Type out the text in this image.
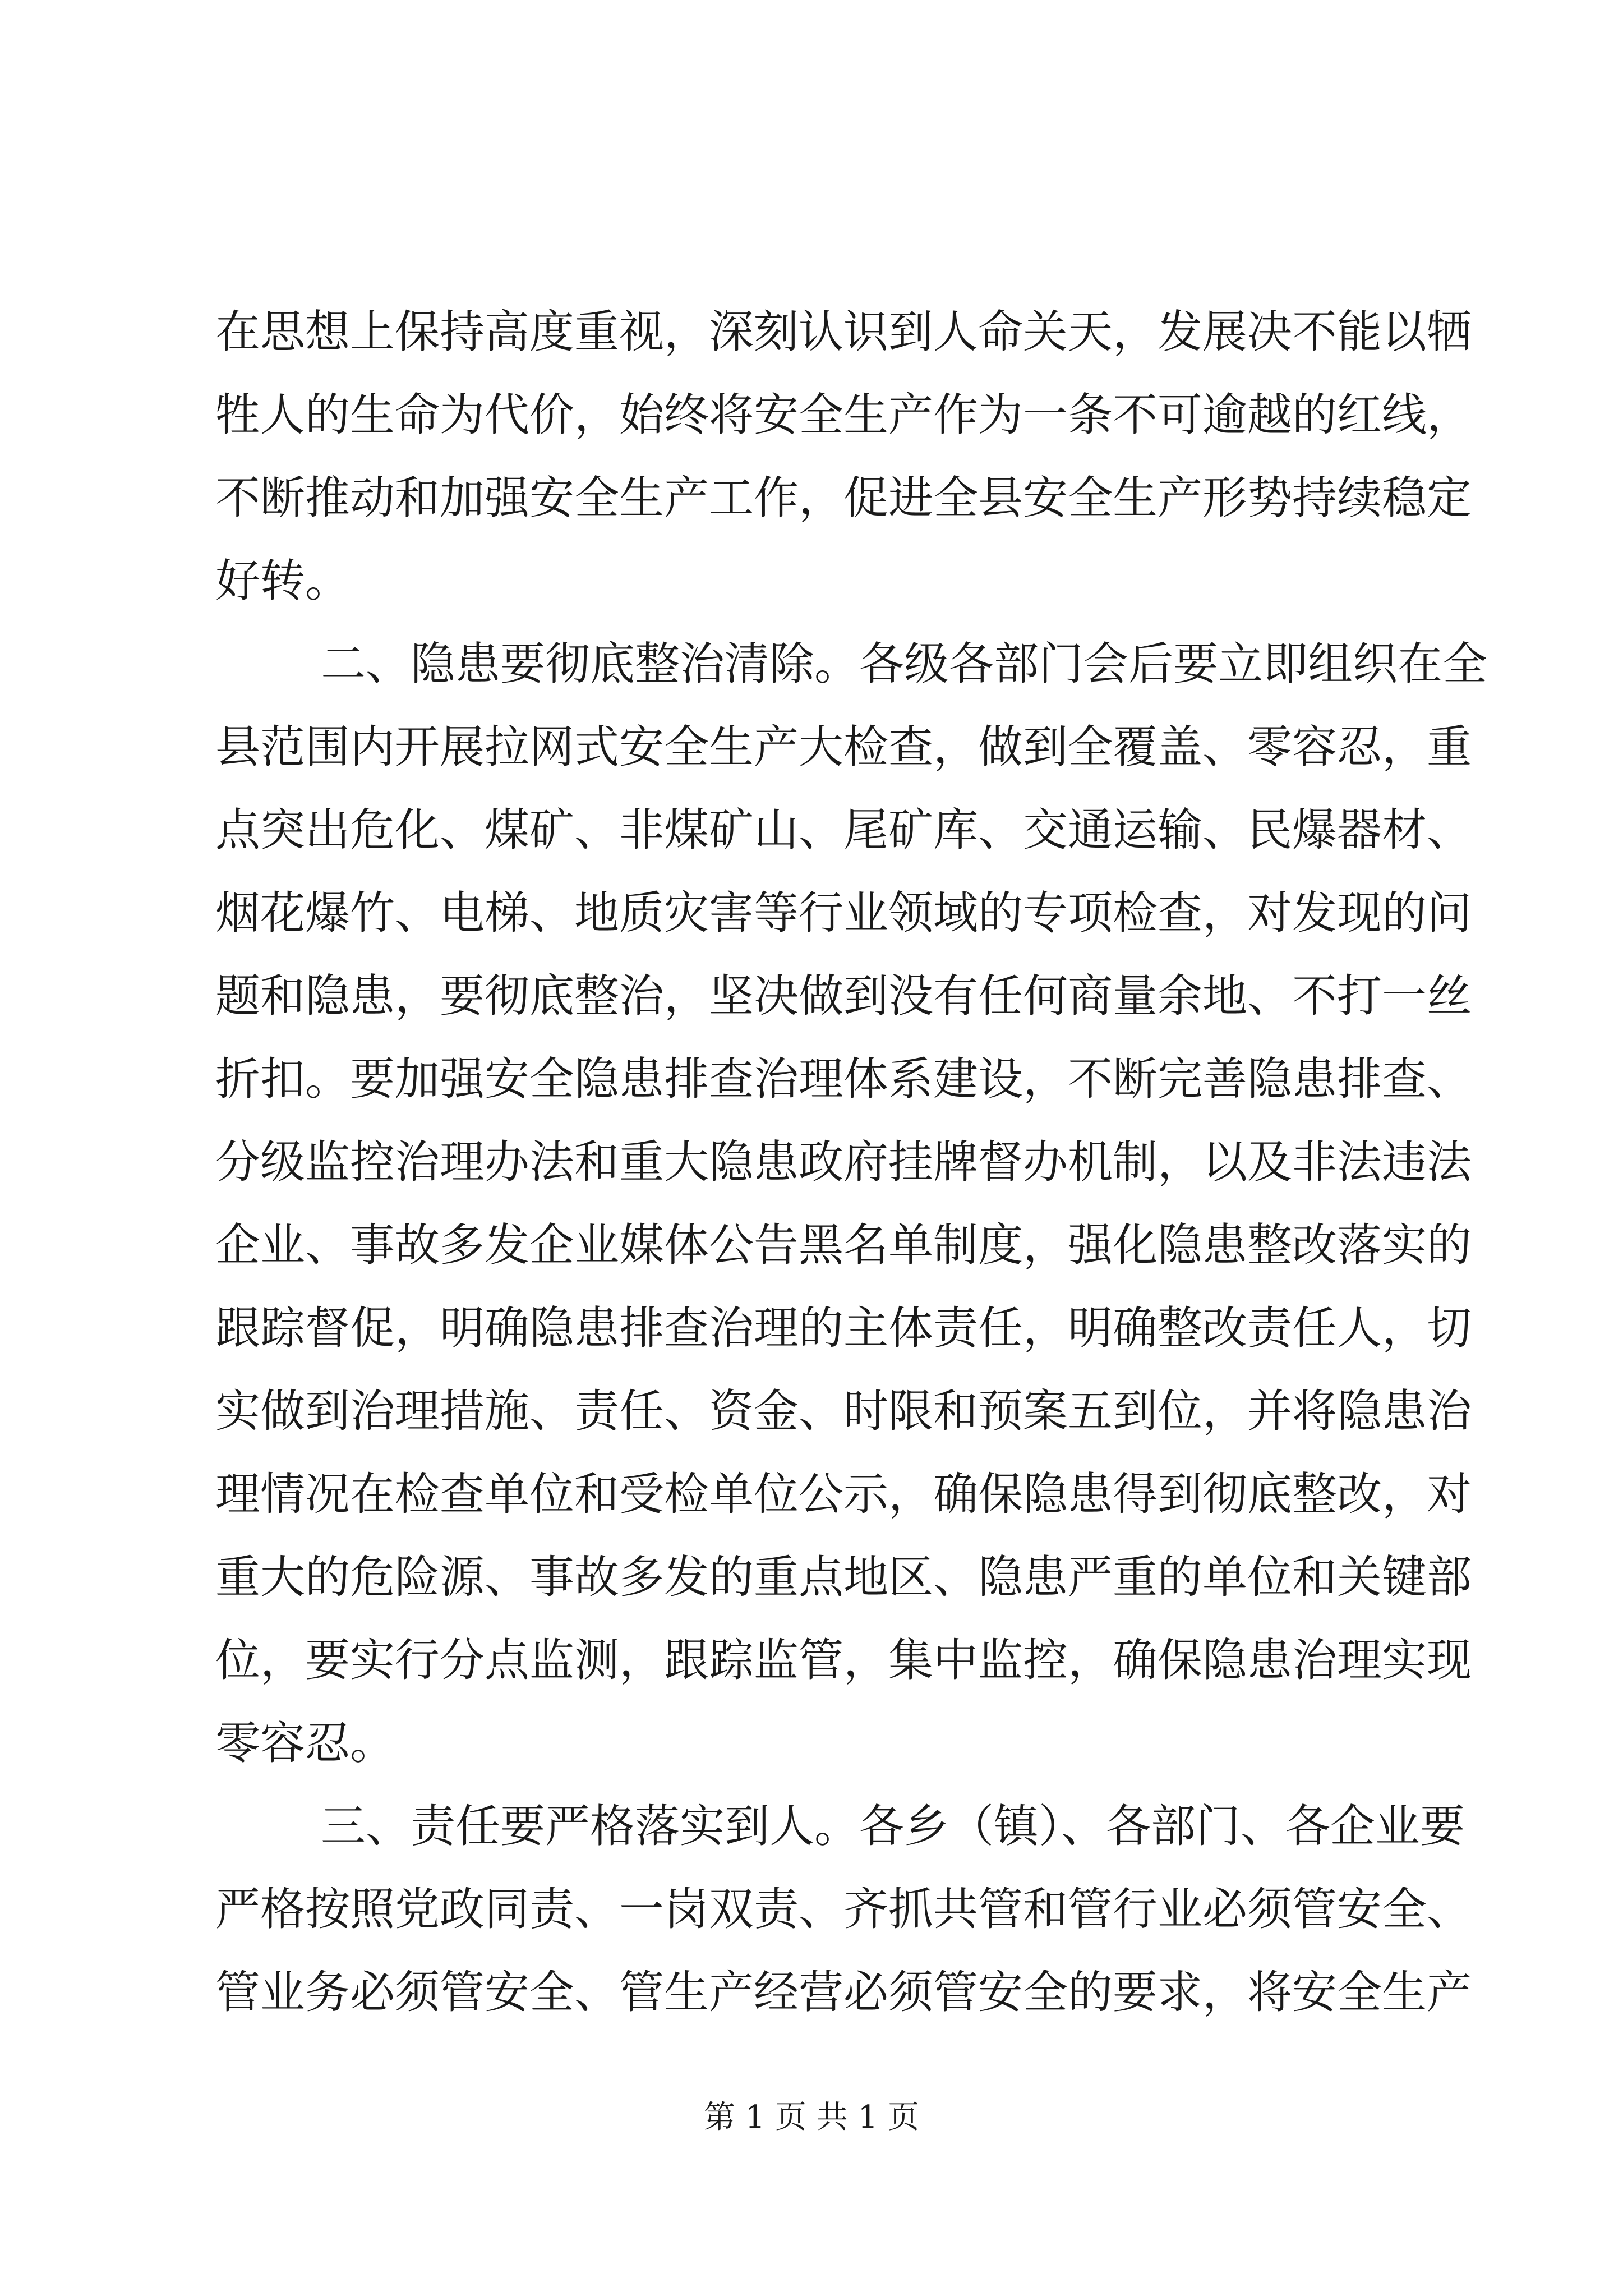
在思想上保持高度重视，深刻认识到人命关天，发展决不能以牺
牲人的生命为代价，始终将安全生产作为一条不可逾越的红线，
不断推动和加强安全生产工作，促进全县安全生产形势持续稳定
好转。
二、隐患要彻底整治清除。各级各部门会后要立即组织在全
县范围内开展拉网式安全生产大检查，做到全覆盖、零容忍，重
点突出危化、煤矿、非煤矿山、尾矿库、交通运输、民爆器材、
烟花爆竹、电梯、地质灾害等行业领域的专项检查，对发现的问
题和隐患，要彻底整治，坚决做到没有任何商量余地、不打一丝
折扣。要加强安全隐患排查治理体系建设，不断完善隐患排查、
分级监控治理办法和重大隐患政府挂牌督办机制，以及非法违法
企业、事故多发企业媒体公告黑名单制度，强化隐患整改落实的
跟踪督促，明确隐患排查治理的主体责任，明确整改责任人，切
实做到治理措施、责任、资金、时限和预案五到位，并将隐患治
理情况在检查单位和受检单位公示，确保隐患得到彻底整改，对
重大的危险源、事故多发的重点地区、隐患严重的单位和关键部
位，要实行分点监测，跟踪监管，集中监控，确保隐患治理实现
零容忍。
三、责任要严格落实到人。各乡（镇）、各部门、各企业要
严格按照党政同责、一岗双责、齐抓共管和管行业必须管安全、
管业务必须管安全、管生产经营必须管安全的要求，将安全生产
第 1 页 共 1 页
